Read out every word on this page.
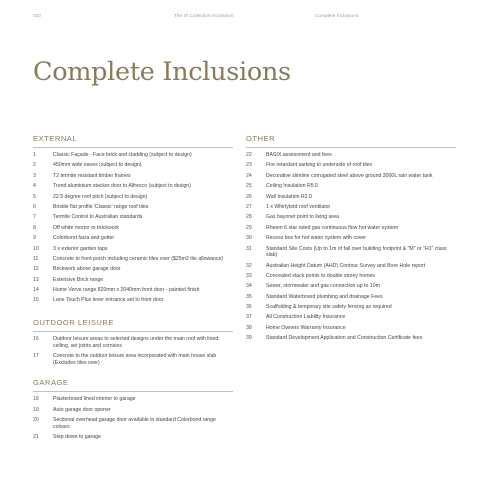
010	The IX Collection Inclusions	Complete Inclusions
Complete Inclusions
EXTERNAL
1	Classic Façade - Face brick and cladding (subject to design)
2	450mm wide eaves (subject to design)
3	T2 termite resistant timber frames
4	Trend aluminium stacker door to Alfresco (subject to design)
5	22.5 degree roof pitch (subject to design)
6	Bristile flat profile 'Classic' range roof tiles
7	Termite Control to Australian standards
8	Off white mortor to brickwork
9	Colorbond facia and gutter
10	3 x exterior garden taps
11	Concrete to front porch including ceramic tiles over ($25m2 tile allowance)
12	Brickwork above garage door
13	Extensive Brick range
14	Hume Verve range 820mm x 2040mm front door - painted finish
15	Lane Touch Plus lever entrance set to front door
OUTDOOR LEISURE
16	Outdoor leisure areas to selected designs under the main roof with lined ceiling, set joints and cornices
17	Concrete to the outdoor leisure area incorporated with main house slab (Excludes tiles over)
GARAGE
18	Plasterboard lined interior to garage
19	Auto garage door opener
20	Sectional overhead garage door available in standard Colorbond range colours
21	Step down to garage
OTHER
22	BASIX assessment and fees
23	Fire retardant sarking to underside of roof tiles
24	Decorative slimline corrugated steel above ground 3000L rain water tank
25	Ceiling Insulation R5.0
26	Wall Insulation R2.0
27	1 x Whirlybird roof ventilator
28	Gas bayonet point to living area
29	Rheem 6 star rated gas continuous flow hot water system
30	Recess box for hot water system with cover
31	Standard Site Costs (Up to 1m of fall over building footprint & "M" or "H1" class slab)
32	Australian Height Datum (AHD) Contour Survey and Bore Hole report
33	Concealed stack points to double storey homes
34	Sewer, stormwater and gas connection up to 10m
35	Standard Waterboard plumbing and drainage Fees
36	Scaffolding & temporary site safety fencing as required
37	All Construction Liability Insurance
38	Home Owners Warranty Insurance
39	Standard Development Application and Construction Certificate fees
